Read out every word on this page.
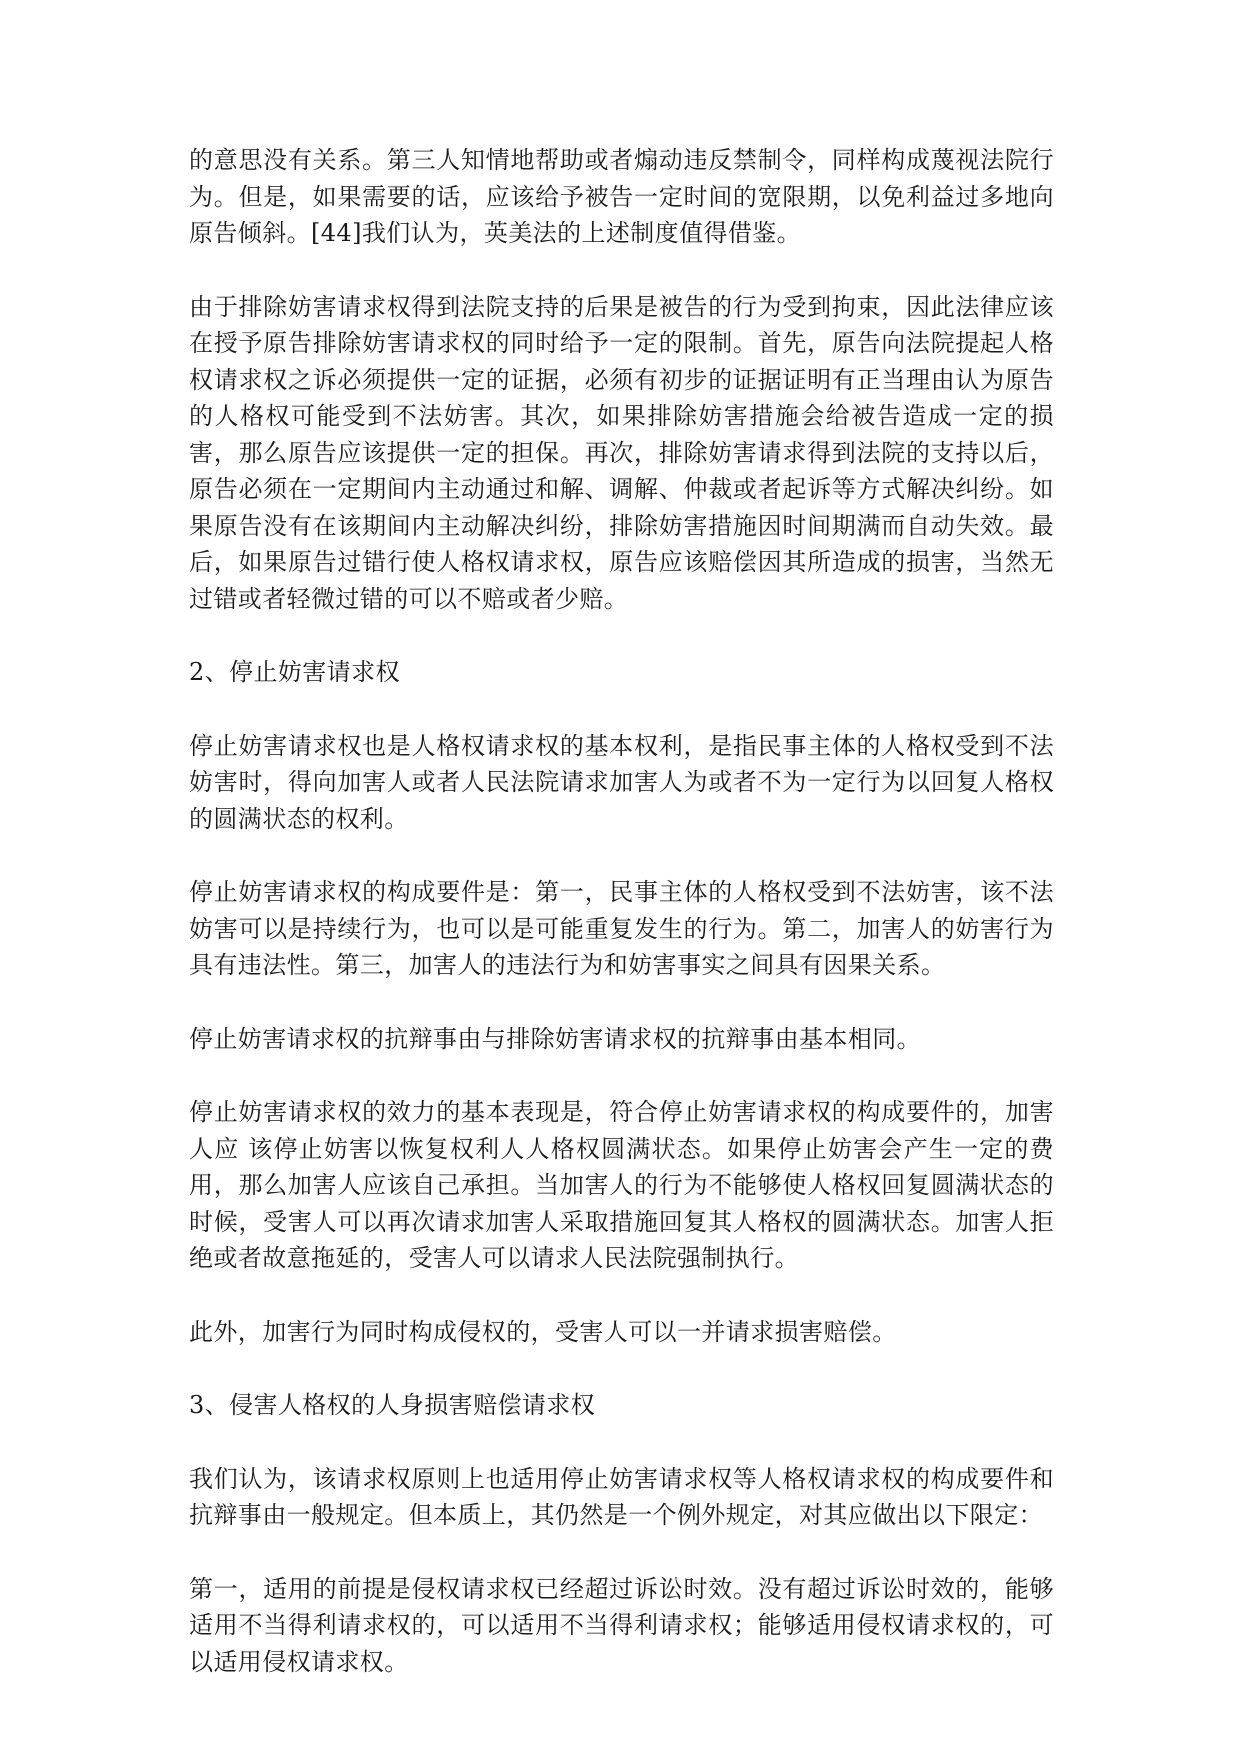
的意思没有关系。第三人知情地帮助或者煽动违反禁制令，同样构成蔑视法院行为。但是，如果需要的话，应该给予被告一定时间的宽限期，以免利益过多地向原告倾斜。[44]我们认为，英美法的上述制度值得借鉴。

由于排除妨害请求权得到法院支持的后果是被告的行为受到拘束，因此法律应该在授予原告排除妨害请求权的同时给予一定的限制。首先，原告向法院提起人格权请求权之诉必须提供一定的证据，必须有初步的证据证明有正当理由认为原告的人格权可能受到不法妨害。其次，如果排除妨害措施会给被告造成一定的损害，那么原告应该提供一定的担保。再次，排除妨害请求得到法院的支持以后，原告必须在一定期间内主动通过和解、调解、仲裁或者起诉等方式解决纠纷。如果原告没有在该期间内主动解决纠纷，排除妨害措施因时间期满而自动失效。最后，如果原告过错行使人格权请求权，原告应该赔偿因其所造成的损害，当然无过错或者轻微过错的可以不赔或者少赔。

2、停止妨害请求权

停止妨害请求权也是人格权请求权的基本权利，是指民事主体的人格权受到不法妨害时，得向加害人或者人民法院请求加害人为或者不为一定行为以回复人格权的圆满状态的权利。

停止妨害请求权的构成要件是：第一，民事主体的人格权受到不法妨害，该不法妨害可以是持续行为，也可以是可能重复发生的行为。第二，加害人的妨害行为具有违法性。第三，加害人的违法行为和妨害事实之间具有因果关系。

停止妨害请求权的抗辩事由与排除妨害请求权的抗辩事由基本相同。

停止妨害请求权的效力的基本表现是，符合停止妨害请求权的构成要件的，加害人应 该停止妨害以恢复权利人人格权圆满状态。如果停止妨害会产生一定的费用，那么加害人应该自己承担。当加害人的行为不能够使人格权回复圆满状态的时候，受害人可以再次请求加害人采取措施回复其人格权的圆满状态。加害人拒绝或者故意拖延的，受害人可以请求人民法院强制执行。

此外，加害行为同时构成侵权的，受害人可以一并请求损害赔偿。

3、侵害人格权的人身损害赔偿请求权

我们认为，该请求权原则上也适用停止妨害请求权等人格权请求权的构成要件和抗辩事由一般规定。但本质上，其仍然是一个例外规定，对其应做出以下限定：

第一，适用的前提是侵权请求权已经超过诉讼时效。没有超过诉讼时效的，能够适用不当得利请求权的，可以适用不当得利请求权；能够适用侵权请求权的，可以适用侵权请求权。
